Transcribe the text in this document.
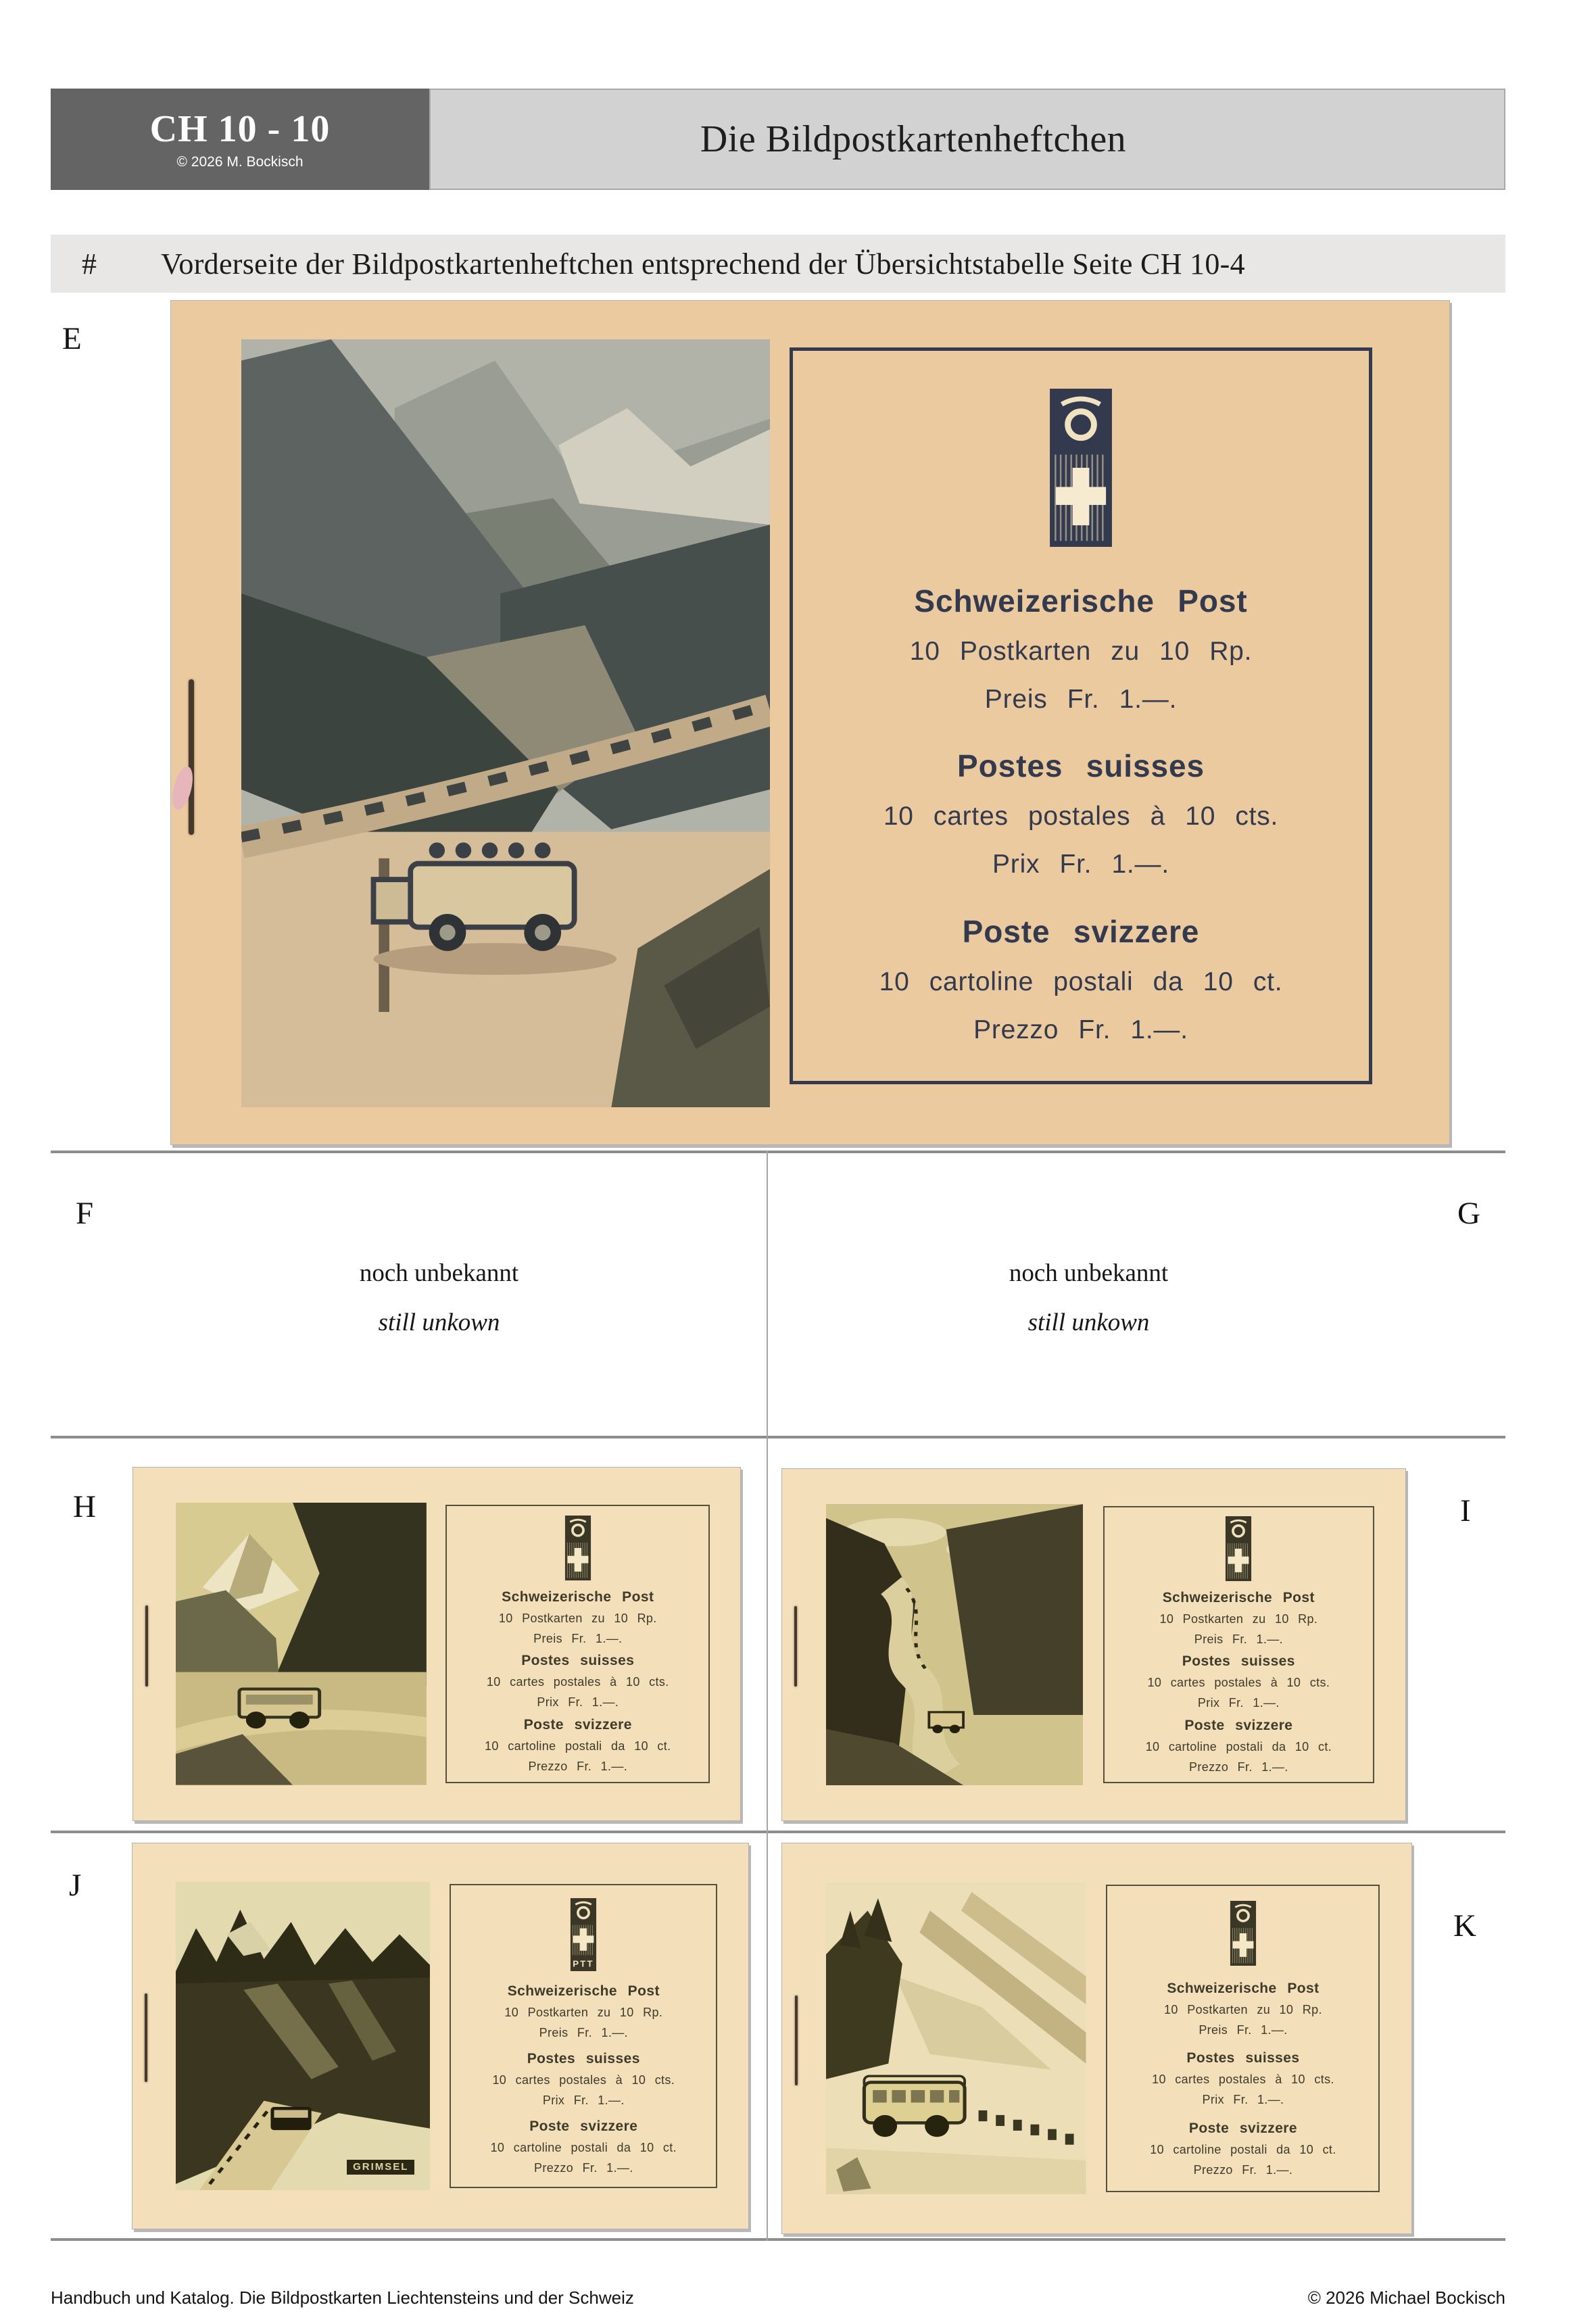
CH 10 - 10
© 2026 M. Bockisch
Die Bildpostkartenheftchen
# Vorderseite der Bildpostkartenheftchen entsprechend der Übersichtstabelle Seite CH 10-4
E
F	G
H	I
J
K
Schweizerische Post
10 Postkarten zu 10 Rp.
Preis Fr. 1.—.
Postes suisses
10 cartes postales à 10 cts.
Prix Fr. 1.—.
Poste svizzere
10 cartoline postali da 10 ct.
Prezzo Fr. 1.—.
noch unbekannt
still unkown
noch unbekannt
still unkown
Schweizerische Post
10 Postkarten zu 10 Rp.
Preis Fr. 1.—.
Postes suisses
10 cartes postales à 10 cts.
Prix Fr. 1.—.
Poste svizzere
10 cartoline postali da 10 ct.
Prezzo Fr. 1.—.
Schweizerische Post
10 Postkarten zu 10 Rp.
Preis Fr. 1.—.
Postes suisses
10 cartes postales à 10 cts.
Prix Fr. 1.—.
Poste svizzere
10 cartoline postali da 10 ct.
Prezzo Fr. 1.—.
GRIMSEL
PTT
Schweizerische Post
10 Postkarten zu 10 Rp.
Preis Fr. 1.—.
Postes suisses
10 cartes postales à 10 cts.
Prix Fr. 1.—.
Poste svizzere
10 cartoline postali da 10 ct.
Prezzo Fr. 1.—.
Schweizerische Post
10 Postkarten zu 10 Rp.
Preis Fr. 1.—.
Postes suisses
10 cartes postales à 10 cts.
Prix Fr. 1.—.
Poste svizzere
10 cartoline postali da 10 ct.
Prezzo Fr. 1.—.
Handbuch und Katalog. Die Bildpostkarten Liechtensteins und der Schweiz	© 2026 Michael Bockisch
